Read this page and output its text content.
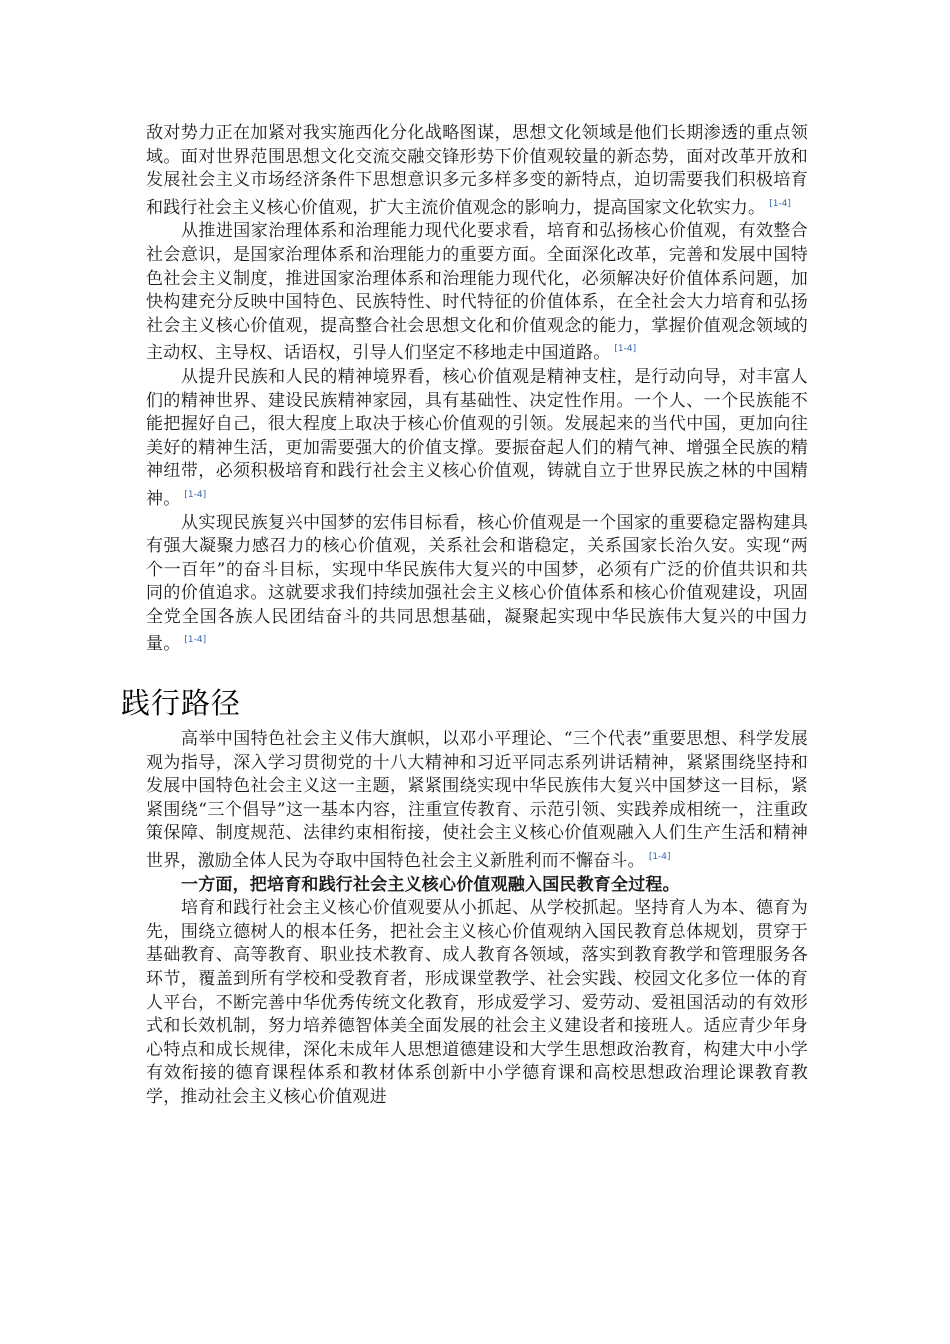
敌对势力正在加紧对我实施西化分化战略图谋，思想文化领域是他们长期渗透的重点领域。面对世界范围思想文化交流交融交锋形势下价值观较量的新态势，面对改革开放和发展社会主义市场经济条件下思想意识多元多样多变的新特点，迫切需要我们积极培育和践行社会主义核心价值观，扩大主流价值观念的影响力，提高国家文化软实力。 [1-4]

从推进国家治理体系和治理能力现代化要求看，培育和弘扬核心价值观，有效整合社会意识，是国家治理体系和治理能力的重要方面。全面深化改革，完善和发展中国特色社会主义制度，推进国家治理体系和治理能力现代化，必须解决好价值体系问题，加快构建充分反映中国特色、民族特性、时代特征的价值体系，在全社会大力培育和弘扬社会主义核心价值观，提高整合社会思想文化和价值观念的能力，掌握价值观念领域的主动权、主导权、话语权，引导人们坚定不移地走中国道路。 [1-4]

从提升民族和人民的精神境界看，核心价值观是精神支柱，是行动向导，对丰富人们的精神世界、建设民族精神家园，具有基础性、决定性作用。一个人、一个民族能不能把握好自己，很大程度上取决于核心价值观的引领。发展起来的当代中国，更加向往美好的精神生活，更加需要强大的价值支撑。要振奋起人们的精气神、增强全民族的精神纽带，必须积极培育和践行社会主义核心价值观，铸就自立于世界民族之林的中国精神。 [1-4]

从实现民族复兴中国梦的宏伟目标看，核心价值观是一个国家的重要稳定器构建具有强大凝聚力感召力的核心价值观，关系社会和谐稳定，关系国家长治久安。实现“两个一百年”的奋斗目标，实现中华民族伟大复兴的中国梦，必须有广泛的价值共识和共同的价值追求。这就要求我们持续加强社会主义核心价值体系和核心价值观建设，巩固全党全国各族人民团结奋斗的共同思想基础，凝聚起实现中华民族伟大复兴的中国力量。 [1-4]

践行路径

高举中国特色社会主义伟大旗帜，以邓小平理论、“三个代表”重要思想、科学发展观为指导，深入学习贯彻党的十八大精神和习近平同志系列讲话精神，紧紧围绕坚持和发展中国特色社会主义这一主题，紧紧围绕实现中华民族伟大复兴中国梦这一目标，紧紧围绕“三个倡导”这一基本内容，注重宣传教育、示范引领、实践养成相统一，注重政策保障、制度规范、法律约束相衔接，使社会主义核心价值观融入人们生产生活和精神世界，激励全体人民为夺取中国特色社会主义新胜利而不懈奋斗。 [1-4]

一方面，把培育和践行社会主义核心价值观融入国民教育全过程。

培育和践行社会主义核心价值观要从小抓起、从学校抓起。坚持育人为本、德育为先，围绕立德树人的根本任务，把社会主义核心价值观纳入国民教育总体规划，贯穿于基础教育、高等教育、职业技术教育、成人教育各领域，落实到教育教学和管理服务各环节，覆盖到所有学校和受教育者，形成课堂教学、社会实践、校园文化多位一体的育人平台，不断完善中华优秀传统文化教育，形成爱学习、爱劳动、爱祖国活动的有效形式和长效机制，努力培养德智体美全面发展的社会主义建设者和接班人。适应青少年身心特点和成长规律，深化未成年人思想道德建设和大学生思想政治教育，构建大中小学有效衔接的德育课程体系和教材体系创新中小学德育课和高校思想政治理论课教育教学，推动社会主义核心价值观进
